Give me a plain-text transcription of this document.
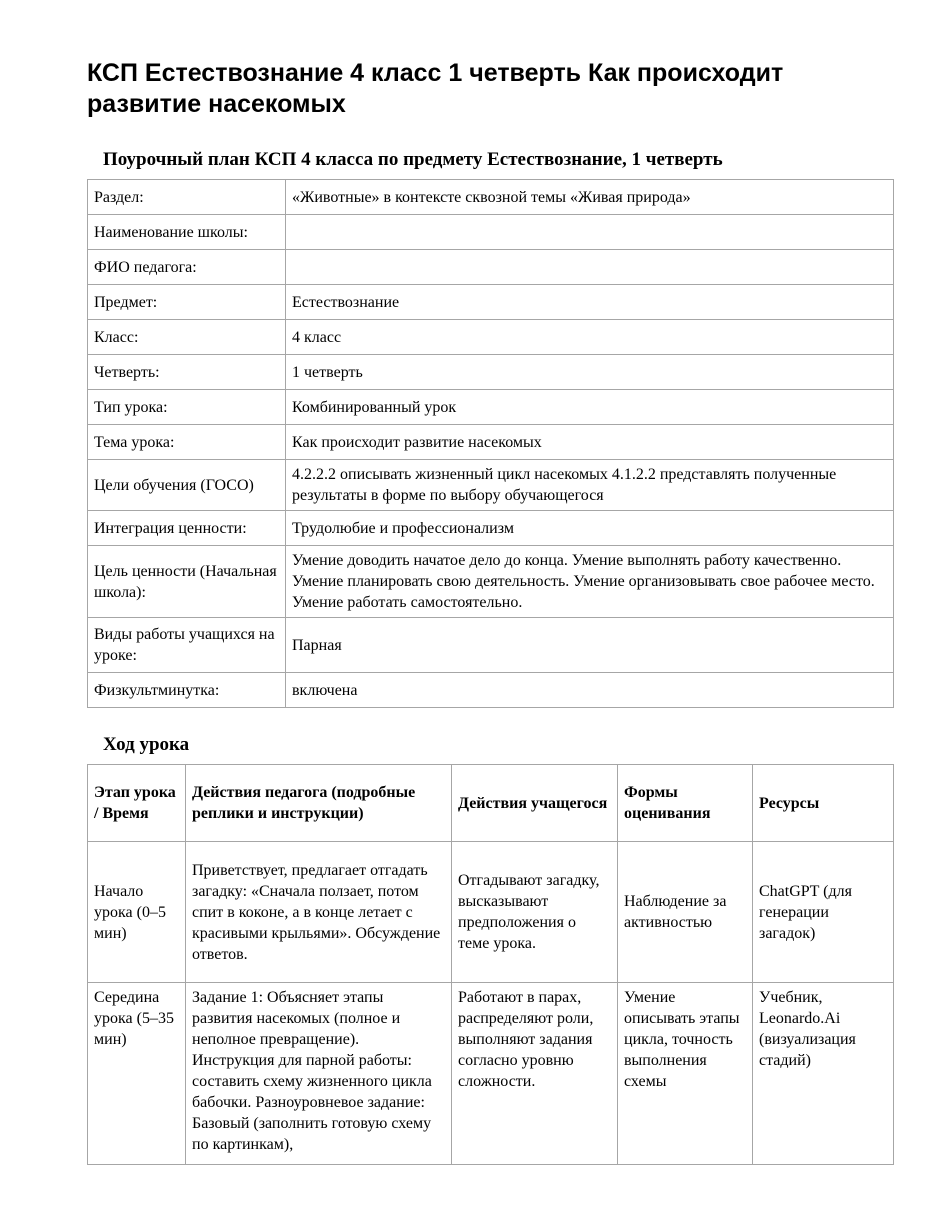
КСП Естествознание 4 класс 1 четверть Как происходит развитие насекомых
Поурочный план КСП 4 класса по предмету Естествознание, 1 четверть
Раздел:	«Животные» в контексте сквозной темы «Живая природа»
Наименование школы:	
ФИО педагога:	
Предмет:	Естествознание
Класс:	4 класс
Четверть:	1 четверть
Тип урока:	Комбинированный урок
Тема урока:	Как происходит развитие насекомых
Цели обучения (ГОСО)	4.2.2.2 описывать жизненный цикл насекомых 4.1.2.2 представлять полученные результаты в форме по выбору обучающегося
Интеграция ценности:	Трудолюбие и профессионализм
Цель ценности (Начальная школа):	Умение доводить начатое дело до конца. Умение выполнять работу качественно. Умение планировать свою деятельность. Умение организовывать свое рабочее место. Умение работать самостоятельно.
Виды работы учащихся на уроке:	Парная
Физкультминутка:	включена
Ход урока
Этап урока / Время	Действия педагога (подробные реплики и инструкции)	Действия учащегося	Формы оценивания	Ресурсы
Начало урока (0–5 мин)	Приветствует, предлагает отгадать загадку: «Сначала ползает, потом спит в коконе, а в конце летает с красивыми крыльями». Обсуждение ответов.	Отгадывают загадку, высказывают предположения о теме урока.	Наблюдение за активностью	ChatGPT (для генерации загадок)
Середина урока (5–35 мин)	Задание 1: Объясняет этапы развития насекомых (полное и неполное превращение). Инструкция для парной работы: составить схему жизненного цикла бабочки. Разноуровневое задание: Базовый (заполнить готовую схему по картинкам),	Работают в парах, распределяют роли, выполняют задания согласно уровню сложности.	Умение описывать этапы цикла, точность выполнения схемы	Учебник, Leonardo.Ai (визуализация стадий)
